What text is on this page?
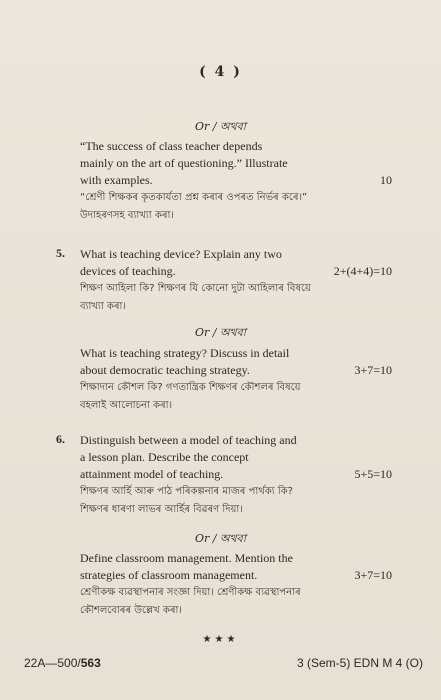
( 4 )
Or / অথবা
“The success of class teacher depends
mainly on the art of questioning.” Illustrate
with examples.	10
“শ্ৰেণী শিক্ষকৰ কৃতকাৰ্যতা প্ৰশ্ন কৰাৰ ওপৰত নিৰ্ভৰ কৰে।”
উদাহৰণসহ ব্যাখ্যা কৰা।
5. What is teaching device? Explain any two
devices of teaching.	2+(4+4)=10
শিক্ষণ আহিলা কি? শিক্ষণৰ যি কোনো দুটা আহিলাৰ বিষয়ে
ব্যাখ্যা কৰা।
Or / অথবা
What is teaching strategy? Discuss in detail
about democratic teaching strategy.	3+7=10
শিক্ষাদান কৌশল কি? গণতান্ত্ৰিক শিক্ষণৰ কৌশলৰ বিষয়ে
বহলাই আলোচনা কৰা।
6. Distinguish between a model of teaching and
a lesson plan. Describe the concept
attainment model of teaching.	5+5=10
শিক্ষণৰ আৰ্হি আৰু পাঠ পৰিকল্পনাৰ মাজৰ পাৰ্থক্য কি?
শিক্ষণৰ ধাৰণা লাভৰ আৰ্হিৰ বিৱৰণ দিয়া।
Or / অথবা
Define classroom management. Mention the
strategies of classroom management.	3+7=10
শ্ৰেণীকক্ষ ব্যৱস্থাপনাৰ সংজ্ঞা দিয়া। শ্ৰেণীকক্ষ ব্যৱস্থাপনাৰ
কৌশলবোৰৰ উল্লেখ কৰা।
★★★
22A—500/563	3 (Sem-5) EDN M 4 (O)
